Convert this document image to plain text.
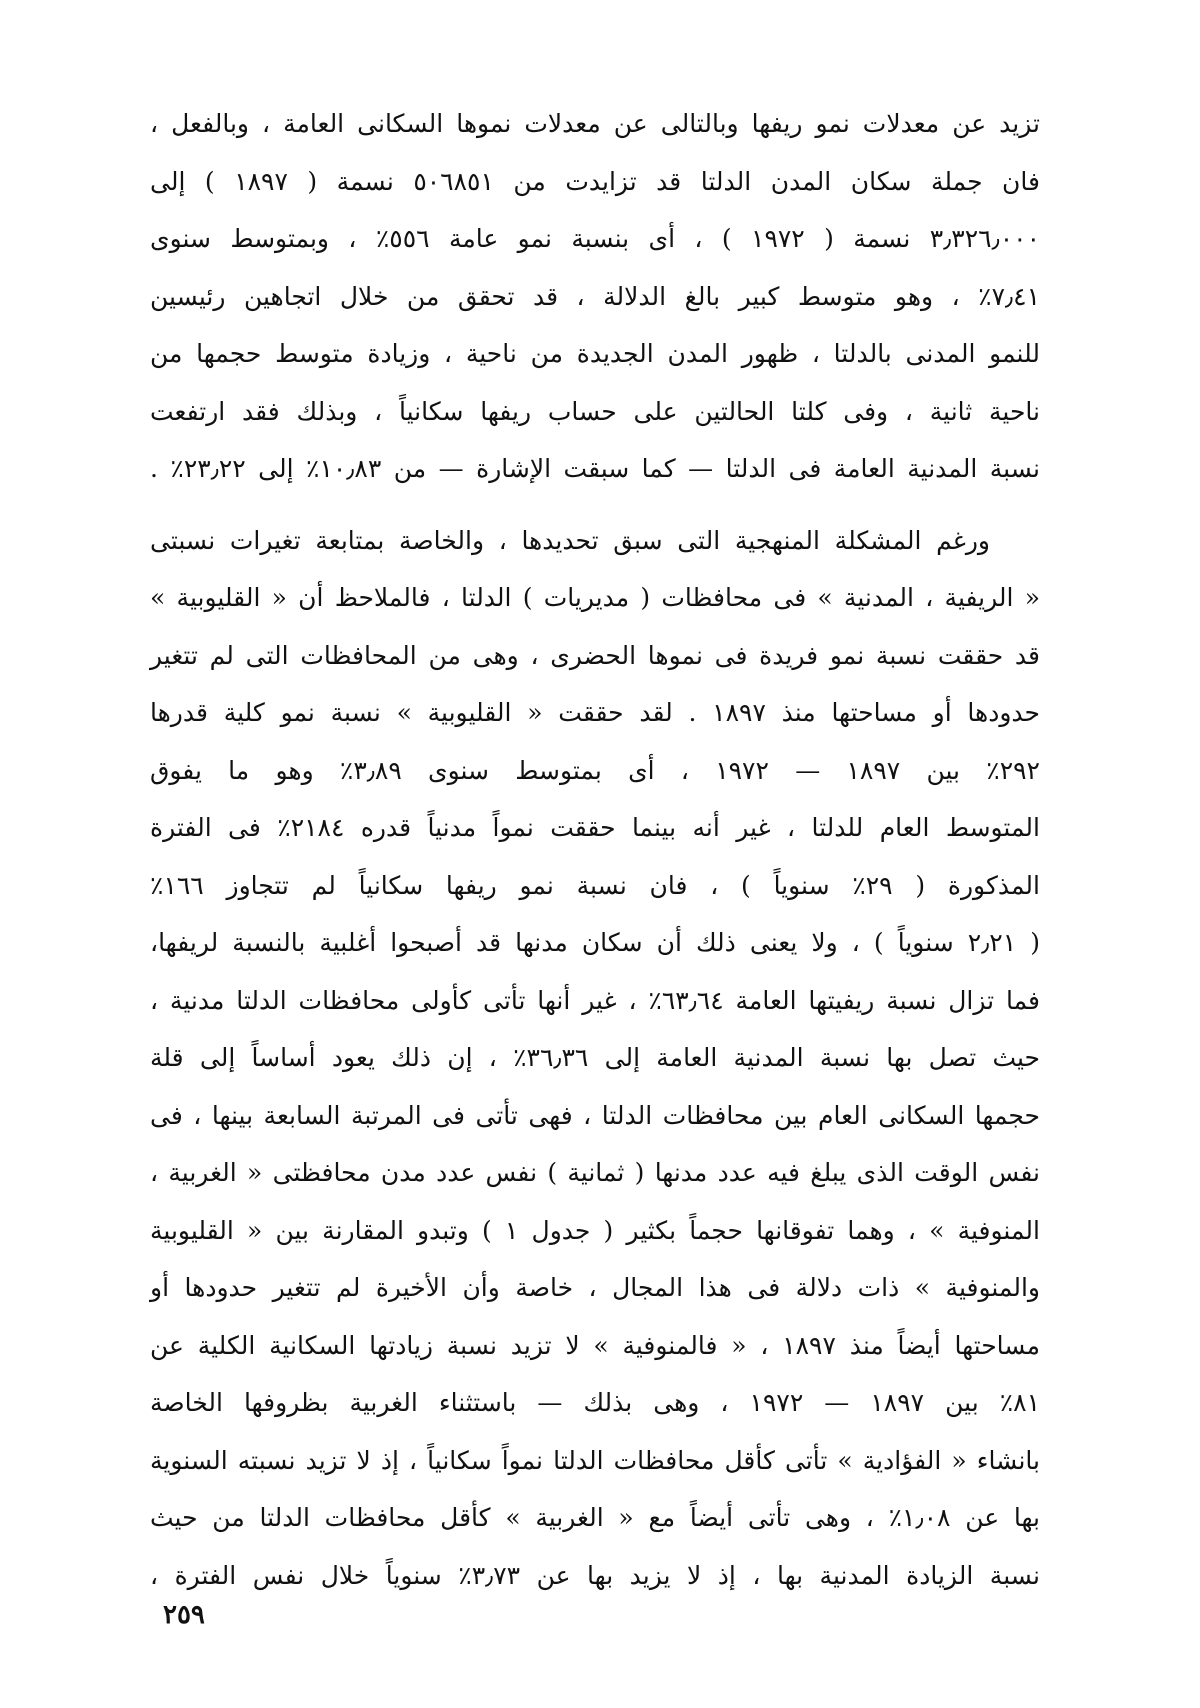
تزيد عن معدلات نمو ريفها وبالتالى عن معدلات نموها السكانى العامة ، وبالفعل ،
فان جملة سكان المدن الدلتا قد تزايدت من ٥٠٦٨٥١ نسمة ( ١٨٩٧ ) إلى
٣٫٣٢٦٫٠٠٠ نسمة ( ١٩٧٢ ) ، أى بنسبة نمو عامة ٥٥٦٪ ، وبمتوسط سنوى
٧٫٤١٪ ، وهو متوسط كبير بالغ الدلالة ، قد تحقق من خلال اتجاهين رئيسين
للنمو المدنى بالدلتا ، ظهور المدن الجديدة من ناحية ، وزيادة متوسط حجمها من
ناحية ثانية ، وفى كلتا الحالتين على حساب ريفها سكانياً ، وبذلك فقد ارتفعت
نسبة المدنية العامة فى الدلتا — كما سبقت الإشارة — من ١٠٫٨٣٪ إلى ٢٣٫٢٢٪ .
ورغم المشكلة المنهجية التى سبق تحديدها ، والخاصة بمتابعة تغيرات نسبتى
« الريفية ، المدنية » فى محافظات ( مديريات ) الدلتا ، فالملاحظ أن « القليوبية »
قد حققت نسبة نمو فريدة فى نموها الحضرى ، وهى من المحافظات التى لم تتغير
حدودها أو مساحتها منذ ١٨٩٧ . لقد حققت « القليوبية » نسبة نمو كلية قدرها
٢٩٢٪ بين ١٨٩٧ — ١٩٧٢ ، أى بمتوسط سنوى ٣٫٨٩٪ وهو ما يفوق
المتوسط العام للدلتا ، غير أنه بينما حققت نمواً مدنياً قدره ٢١٨٤٪ فى الفترة
المذكورة ( ٢٩٪ سنوياً ) ، فان نسبة نمو ريفها سكانياً لم تتجاوز ١٦٦٪
( ٢٫٢١ سنوياً ) ، ولا يعنى ذلك أن سكان مدنها قد أصبحوا أغلبية بالنسبة لريفها،
فما تزال نسبة ريفيتها العامة ٦٣٫٦٤٪ ، غير أنها تأتى كأولى محافظات الدلتا مدنية ،
حيث تصل بها نسبة المدنية العامة إلى ٣٦٫٣٦٪ ، إن ذلك يعود أساساً إلى قلة
حجمها السكانى العام بين محافظات الدلتا ، فهى تأتى فى المرتبة السابعة بينها ، فى
نفس الوقت الذى يبلغ فيه عدد مدنها ( ثمانية ) نفس عدد مدن محافظتى « الغربية ،
المنوفية » ، وهما تفوقانها حجماً بكثير ( جدول ١ ) وتبدو المقارنة بين « القليوبية
والمنوفية » ذات دلالة فى هذا المجال ، خاصة وأن الأخيرة لم تتغير حدودها أو
مساحتها أيضاً منذ ١٨٩٧ ، « فالمنوفية » لا تزيد نسبة زيادتها السكانية الكلية عن
٨١٪ بين ١٨٩٧ — ١٩٧٢ ، وهى بذلك — باستثناء الغربية بظروفها الخاصة
بانشاء « الفؤادية » تأتى كأقل محافظات الدلتا نمواً سكانياً ، إذ لا تزيد نسبته السنوية
بها عن ١٫٠٨٪ ، وهى تأتى أيضاً مع « الغربية » كأقل محافظات الدلتا من حيث
نسبة الزيادة المدنية بها ، إذ لا يزيد بها عن ٣٫٧٣٪ سنوياً خلال نفس الفترة ،
٢٥٩
